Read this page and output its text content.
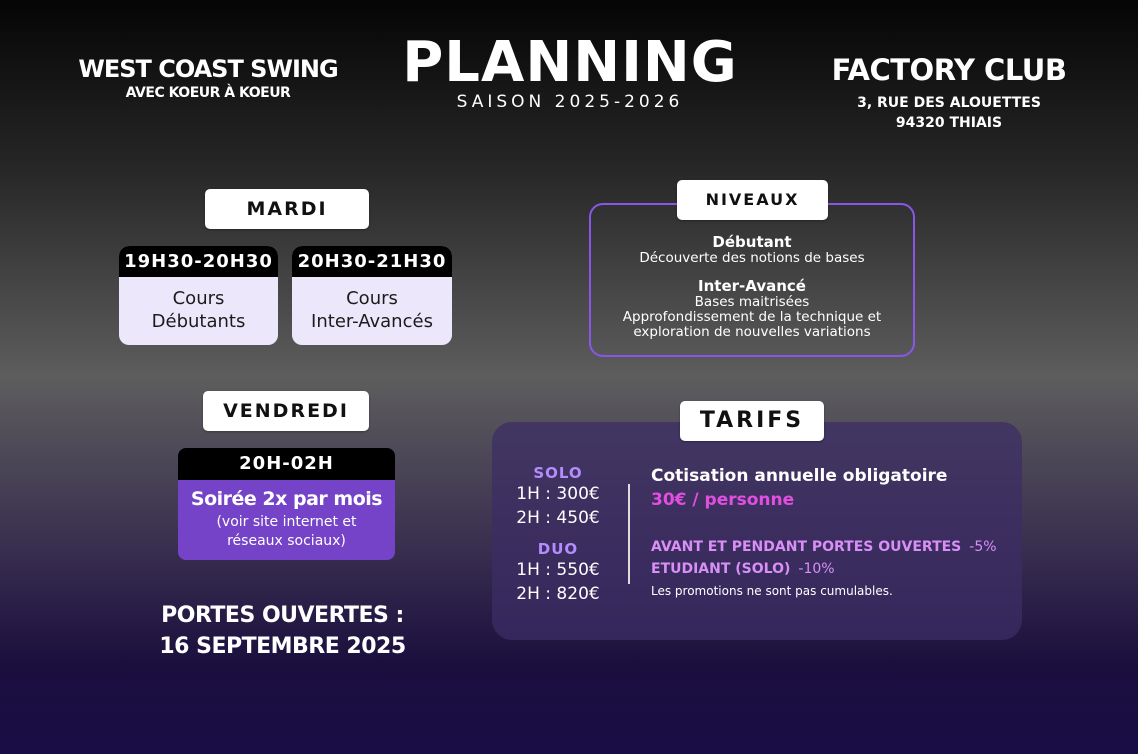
WEST COAST SWING
AVEC KOEUR À KOEUR	PLANNING
SAISON 2025-2026
FACTORY CLUB
3, RUE DES ALOUETTES
94320 THIAIS
MARDI
19H30-20H30
Cours
Débutants
20H30-21H30
Cours
Inter-Avancés
VENDREDI
20H-02H
Soirée 2x par mois
(voir site internet et
réseaux sociaux)
PORTES OUVERTES :
16 SEPTEMBRE 2025
NIVEAUX
Débutant
Découverte des notions de bases
Inter-Avancé
Bases maitrisées
Approfondissement de la technique et
exploration de nouvelles variations
TARIFS
SOLO
1H : 300€
2H : 450€
DUO
1H : 550€
2H : 820€
Cotisation annuelle obligatoire
30€ / personne
AVANT ET PENDANT PORTES OUVERTES -5%
ETUDIANT (SOLO) -10%
Les promotions ne sont pas cumulables.
